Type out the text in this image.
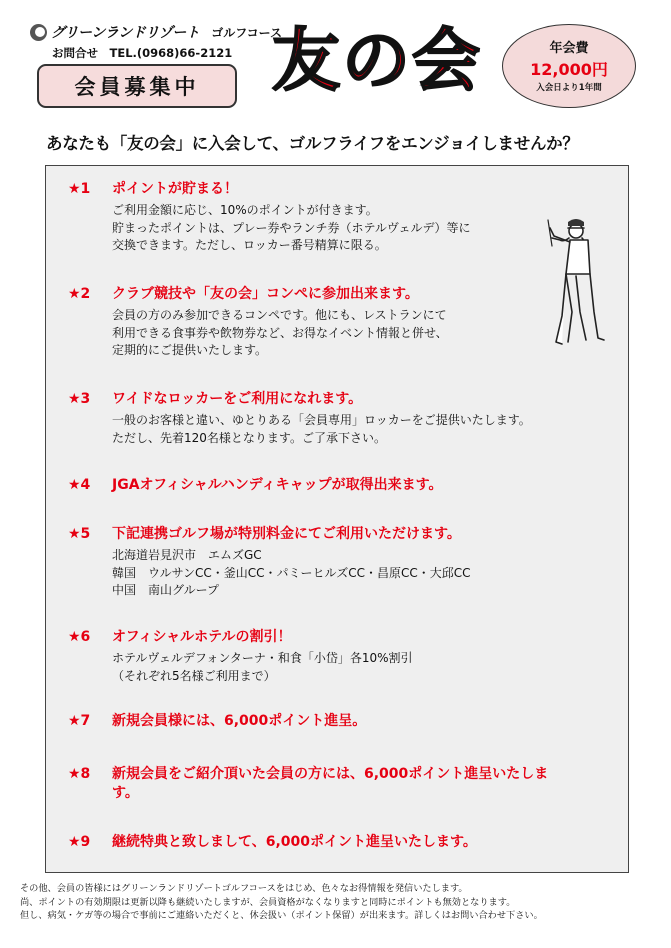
グリーンランドリゾート ゴルフコース
お問合せ　TEL.(0968)66-2121
会員募集中	友の会	年会費
12,000円
入会日より1年間
あなたも「友の会」に入会して、ゴルフライフをエンジョイしませんか？
★1	ポイントが貯まる！
ご利用金額に応じ、10%のポイントが付きます。
貯まったポイントは、プレー券やランチ券（ホテルヴェルデ）等に
交換できます。ただし、ロッカー番号精算に限る。
★2	クラブ競技や「友の会」コンペに参加出来ます。
会員の方のみ参加できるコンペです。他にも、レストランにて
利用できる食事券や飲物券など、お得なイベント情報と併せ、
定期的にご提供いたします。
★3	ワイドなロッカーをご利用になれます。
一般のお客様と違い、ゆとりある「会員専用」ロッカーをご提供いたします。
ただし、先着120名様となります。ご了承下さい。
★4	JGAオフィシャルハンディキャップが取得出来ます。
★5	下記連携ゴルフ場が特別料金にてご利用いただけます。
北海道岩見沢市　エムズGC
韓国　ウルサンCC・釜山CC・パミーヒルズCC・昌原CC・大邱CC
中国　南山グループ
★6	オフィシャルホテルの割引！
ホテルヴェルデフォンターナ・和食「小岱」各10%割引
（それぞれ5名様ご利用まで）
★7	新規会員様には、6,000ポイント進呈。
★8	新規会員をご紹介頂いた会員の方には、6,000ポイント進呈いたします。
★9	継続特典と致しまして、6,000ポイント進呈いたします。
その他、会員の皆様にはグリーンランドリゾートゴルフコースをはじめ、色々なお得情報を発信いたします。
尚、ポイントの有効期限は更新以降も継続いたしますが、会員資格がなくなりますと同時にポイントも無効となります。
但し、病気・ケガ等の場合で事前にご連絡いただくと、休会扱い（ポイント保留）が出来ます。詳しくはお問い合わせ下さい。
